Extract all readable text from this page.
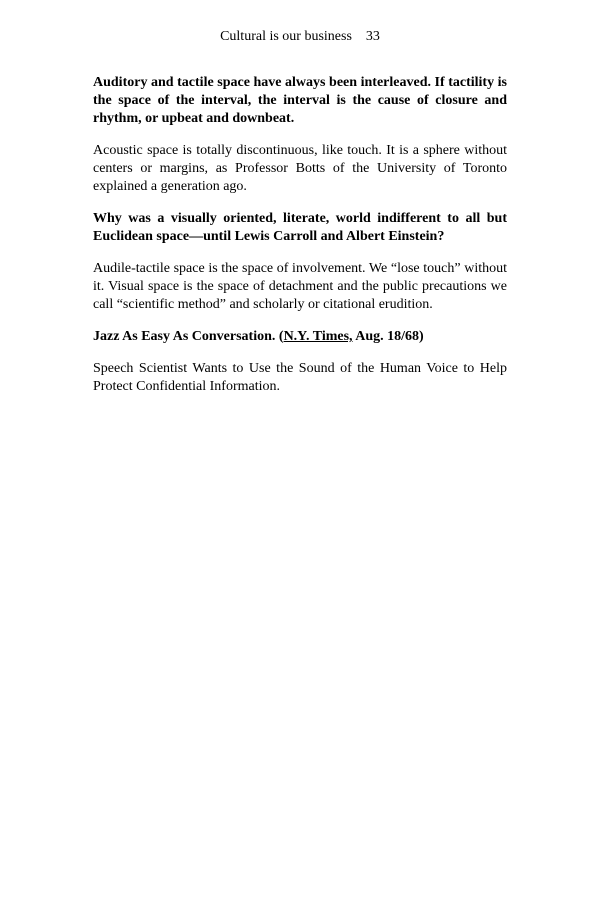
Cultural is our business 33

Auditory and tactile space have always been interleaved. If tactility is the space of the interval, the interval is the cause of closure and rhythm, or upbeat and downbeat.

Acoustic space is totally discontinuous, like touch. It is a sphere without centers or margins, as Professor Botts of the University of Toronto explained a generation ago.

Why was a visually oriented, literate, world indifferent to all but Euclidean space—until Lewis Carroll and Albert Einstein?

Audile-tactile space is the space of involvement. We “lose touch” without it. Visual space is the space of detachment and the public precautions we call “scientific method” and scholarly or citational erudition.

Jazz As Easy As Conversation. (N.Y. Times, Aug. 18/68)

Speech Scientist Wants to Use the Sound of the Human Voice to Help Protect Confidential Information.
